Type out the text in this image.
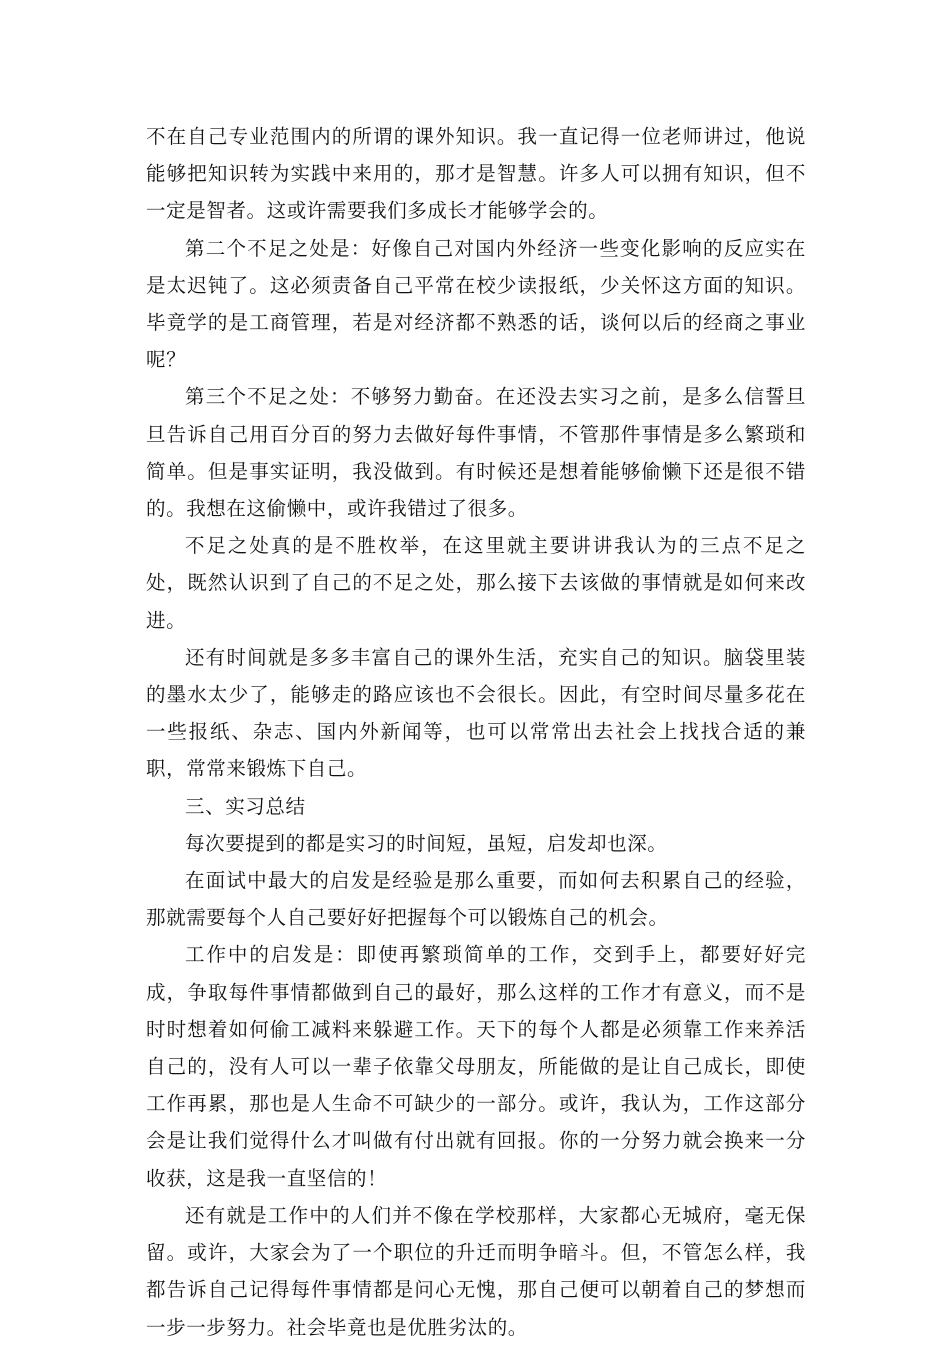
不在自己专业范围内的所谓的课外知识。我一直记得一位老师讲过，他说能够把知识转为实践中来用的，那才是智慧。许多人可以拥有知识，但不一定是智者。这或许需要我们多成长才能够学会的。

第二个不足之处是：好像自己对国内外经济一些变化影响的反应实在是太迟钝了。这必须责备自己平常在校少读报纸，少关怀这方面的知识。毕竟学的是工商管理，若是对经济都不熟悉的话，谈何以后的经商之事业呢？

第三个不足之处：不够努力勤奋。在还没去实习之前，是多么信誓旦旦告诉自己用百分百的努力去做好每件事情，不管那件事情是多么繁琐和简单。但是事实证明，我没做到。有时候还是想着能够偷懒下还是很不错的。我想在这偷懒中，或许我错过了很多。

不足之处真的是不胜枚举，在这里就主要讲讲我认为的三点不足之处，既然认识到了自己的不足之处，那么接下去该做的事情就是如何来改进。

还有时间就是多多丰富自己的课外生活，充实自己的知识。脑袋里装的墨水太少了，能够走的路应该也不会很长。因此，有空时间尽量多花在一些报纸、杂志、国内外新闻等，也可以常常出去社会上找找合适的兼职，常常来锻炼下自己。

三、实习总结

每次要提到的都是实习的时间短，虽短，启发却也深。

在面试中最大的启发是经验是那么重要，而如何去积累自己的经验，那就需要每个人自己要好好把握每个可以锻炼自己的机会。

工作中的启发是：即使再繁琐简单的工作，交到手上，都要好好完成，争取每件事情都做到自己的最好，那么这样的工作才有意义，而不是时时想着如何偷工减料来躲避工作。天下的每个人都是必须靠工作来养活自己的，没有人可以一辈子依靠父母朋友，所能做的是让自己成长，即使工作再累，那也是人生命不可缺少的一部分。或许，我认为，工作这部分会是让我们觉得什么才叫做有付出就有回报。你的一分努力就会换来一分收获，这是我一直坚信的！

还有就是工作中的人们并不像在学校那样，大家都心无城府，毫无保留。或许，大家会为了一个职位的升迁而明争暗斗。但，不管怎么样，我都告诉自己记得每件事情都是问心无愧，那自己便可以朝着自己的梦想而一步一步努力。社会毕竟也是优胜劣汰的。
